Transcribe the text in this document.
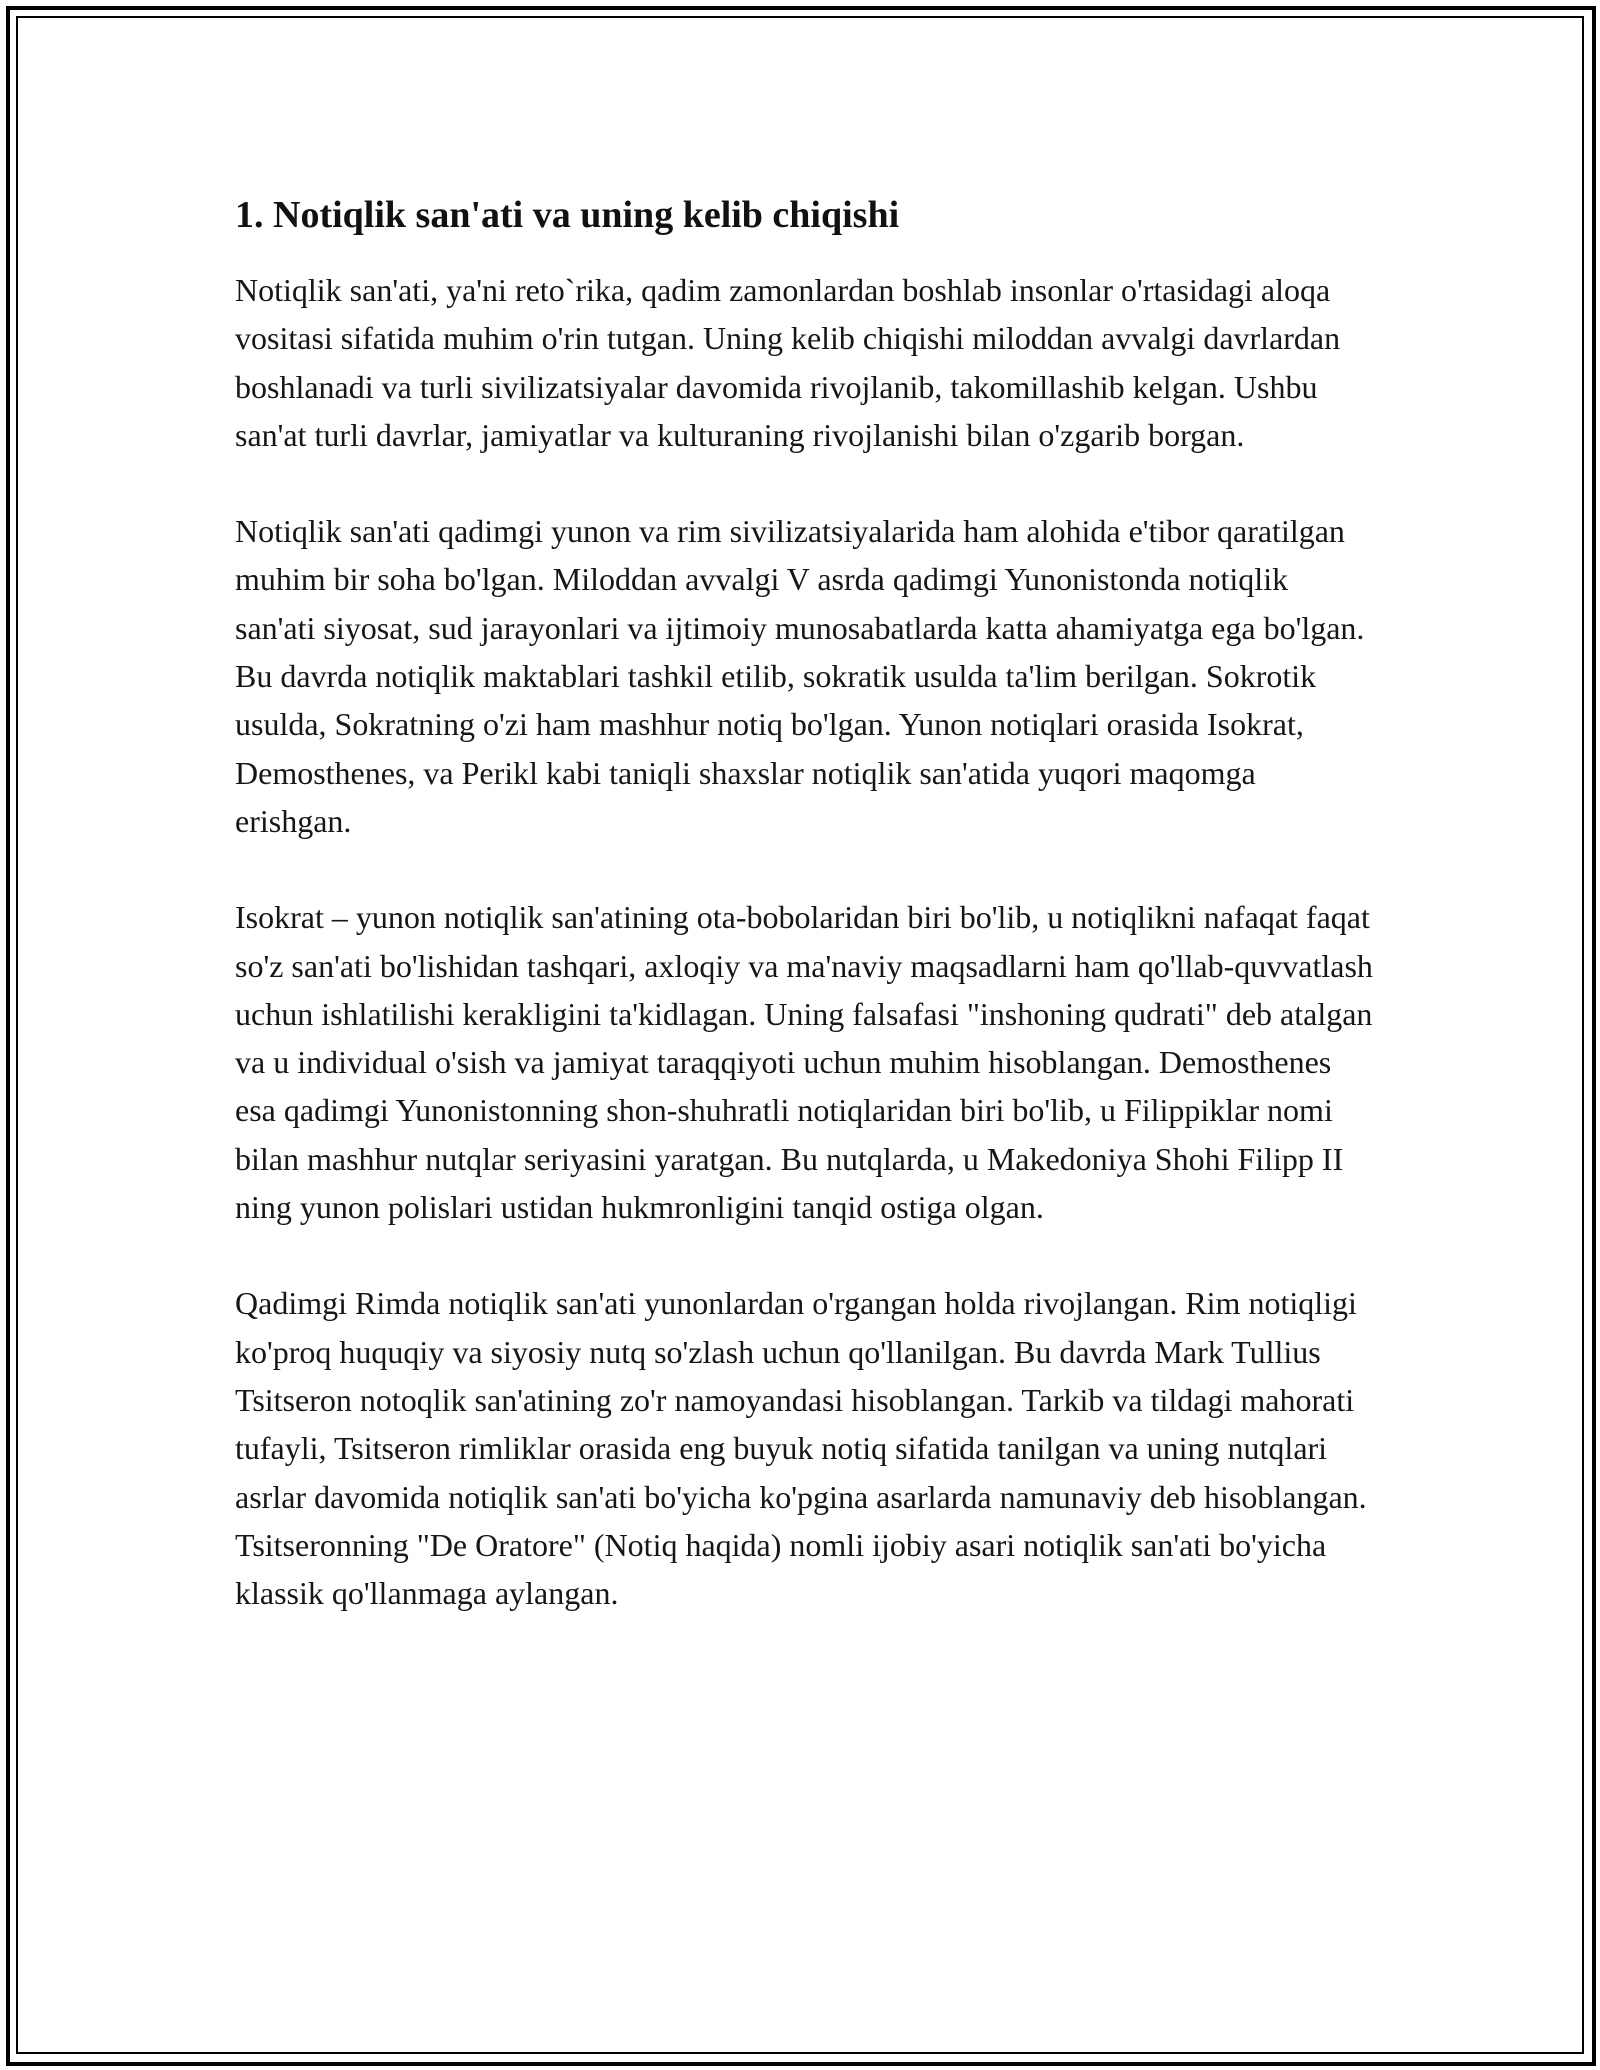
1. Notiqlik san'ati va uning kelib chiqishi

Notiqlik san'ati, ya'ni reto`rika, qadim zamonlardan boshlab insonlar o'rtasidagi aloqa vositasi sifatida muhim o'rin tutgan. Uning kelib chiqishi miloddan avvalgi davrlardan boshlanadi va turli sivilizatsiyalar davomida rivojlanib, takomillashib kelgan. Ushbu san'at turli davrlar, jamiyatlar va kulturaning rivojlanishi bilan o'zgarib borgan.

Notiqlik san'ati qadimgi yunon va rim sivilizatsiyalarida ham alohida e'tibor qaratilgan muhim bir soha bo'lgan. Miloddan avvalgi V asrda qadimgi Yunonistonda notiqlik san'ati siyosat, sud jarayonlari va ijtimoiy munosabatlarda katta ahamiyatga ega bo'lgan. Bu davrda notiqlik maktablari tashkil etilib, sokratik usulda ta'lim berilgan. Sokrotik usulda, Sokratning o'zi ham mashhur notiq bo'lgan. Yunon notiqlari orasida Isokrat, Demosthenes, va Perikl kabi taniqli shaxslar notiqlik san'atida yuqori maqomga erishgan.

Isokrat – yunon notiqlik san'atining ota-bobolaridan biri bo'lib, u notiqlikni nafaqat faqat so'z san'ati bo'lishidan tashqari, axloqiy va ma'naviy maqsadlarni ham qo'llab-quvvatlash uchun ishlatilishi kerakligini ta'kidlagan. Uning falsafasi "inshoning qudrati" deb atalgan va u individual o'sish va jamiyat taraqqiyoti uchun muhim hisoblangan. Demosthenes esa qadimgi Yunonistonning shon-shuhratli notiqlaridan biri bo'lib, u Filippiklar nomi bilan mashhur nutqlar seriyasini yaratgan. Bu nutqlarda, u Makedoniya Shohi Filipp II ning yunon polislari ustidan hukmronligini tanqid ostiga olgan.

Qadimgi Rimda notiqlik san'ati yunonlardan o'rgangan holda rivojlangan. Rim notiqligi ko'proq huquqiy va siyosiy nutq so'zlash uchun qo'llanilgan. Bu davrda Mark Tullius Tsitseron notoqlik san'atining zo'r namoyandasi hisoblangan. Tarkib va tildagi mahorati tufayli, Tsitseron rimliklar orasida eng buyuk notiq sifatida tanilgan va uning nutqlari asrlar davomida notiqlik san'ati bo'yicha ko'pgina asarlarda namunaviy deb hisoblangan. Tsitseronning "De Oratore" (Notiq haqida) nomli ijobiy asari notiqlik san'ati bo'yicha klassik qo'llanmaga aylangan.
